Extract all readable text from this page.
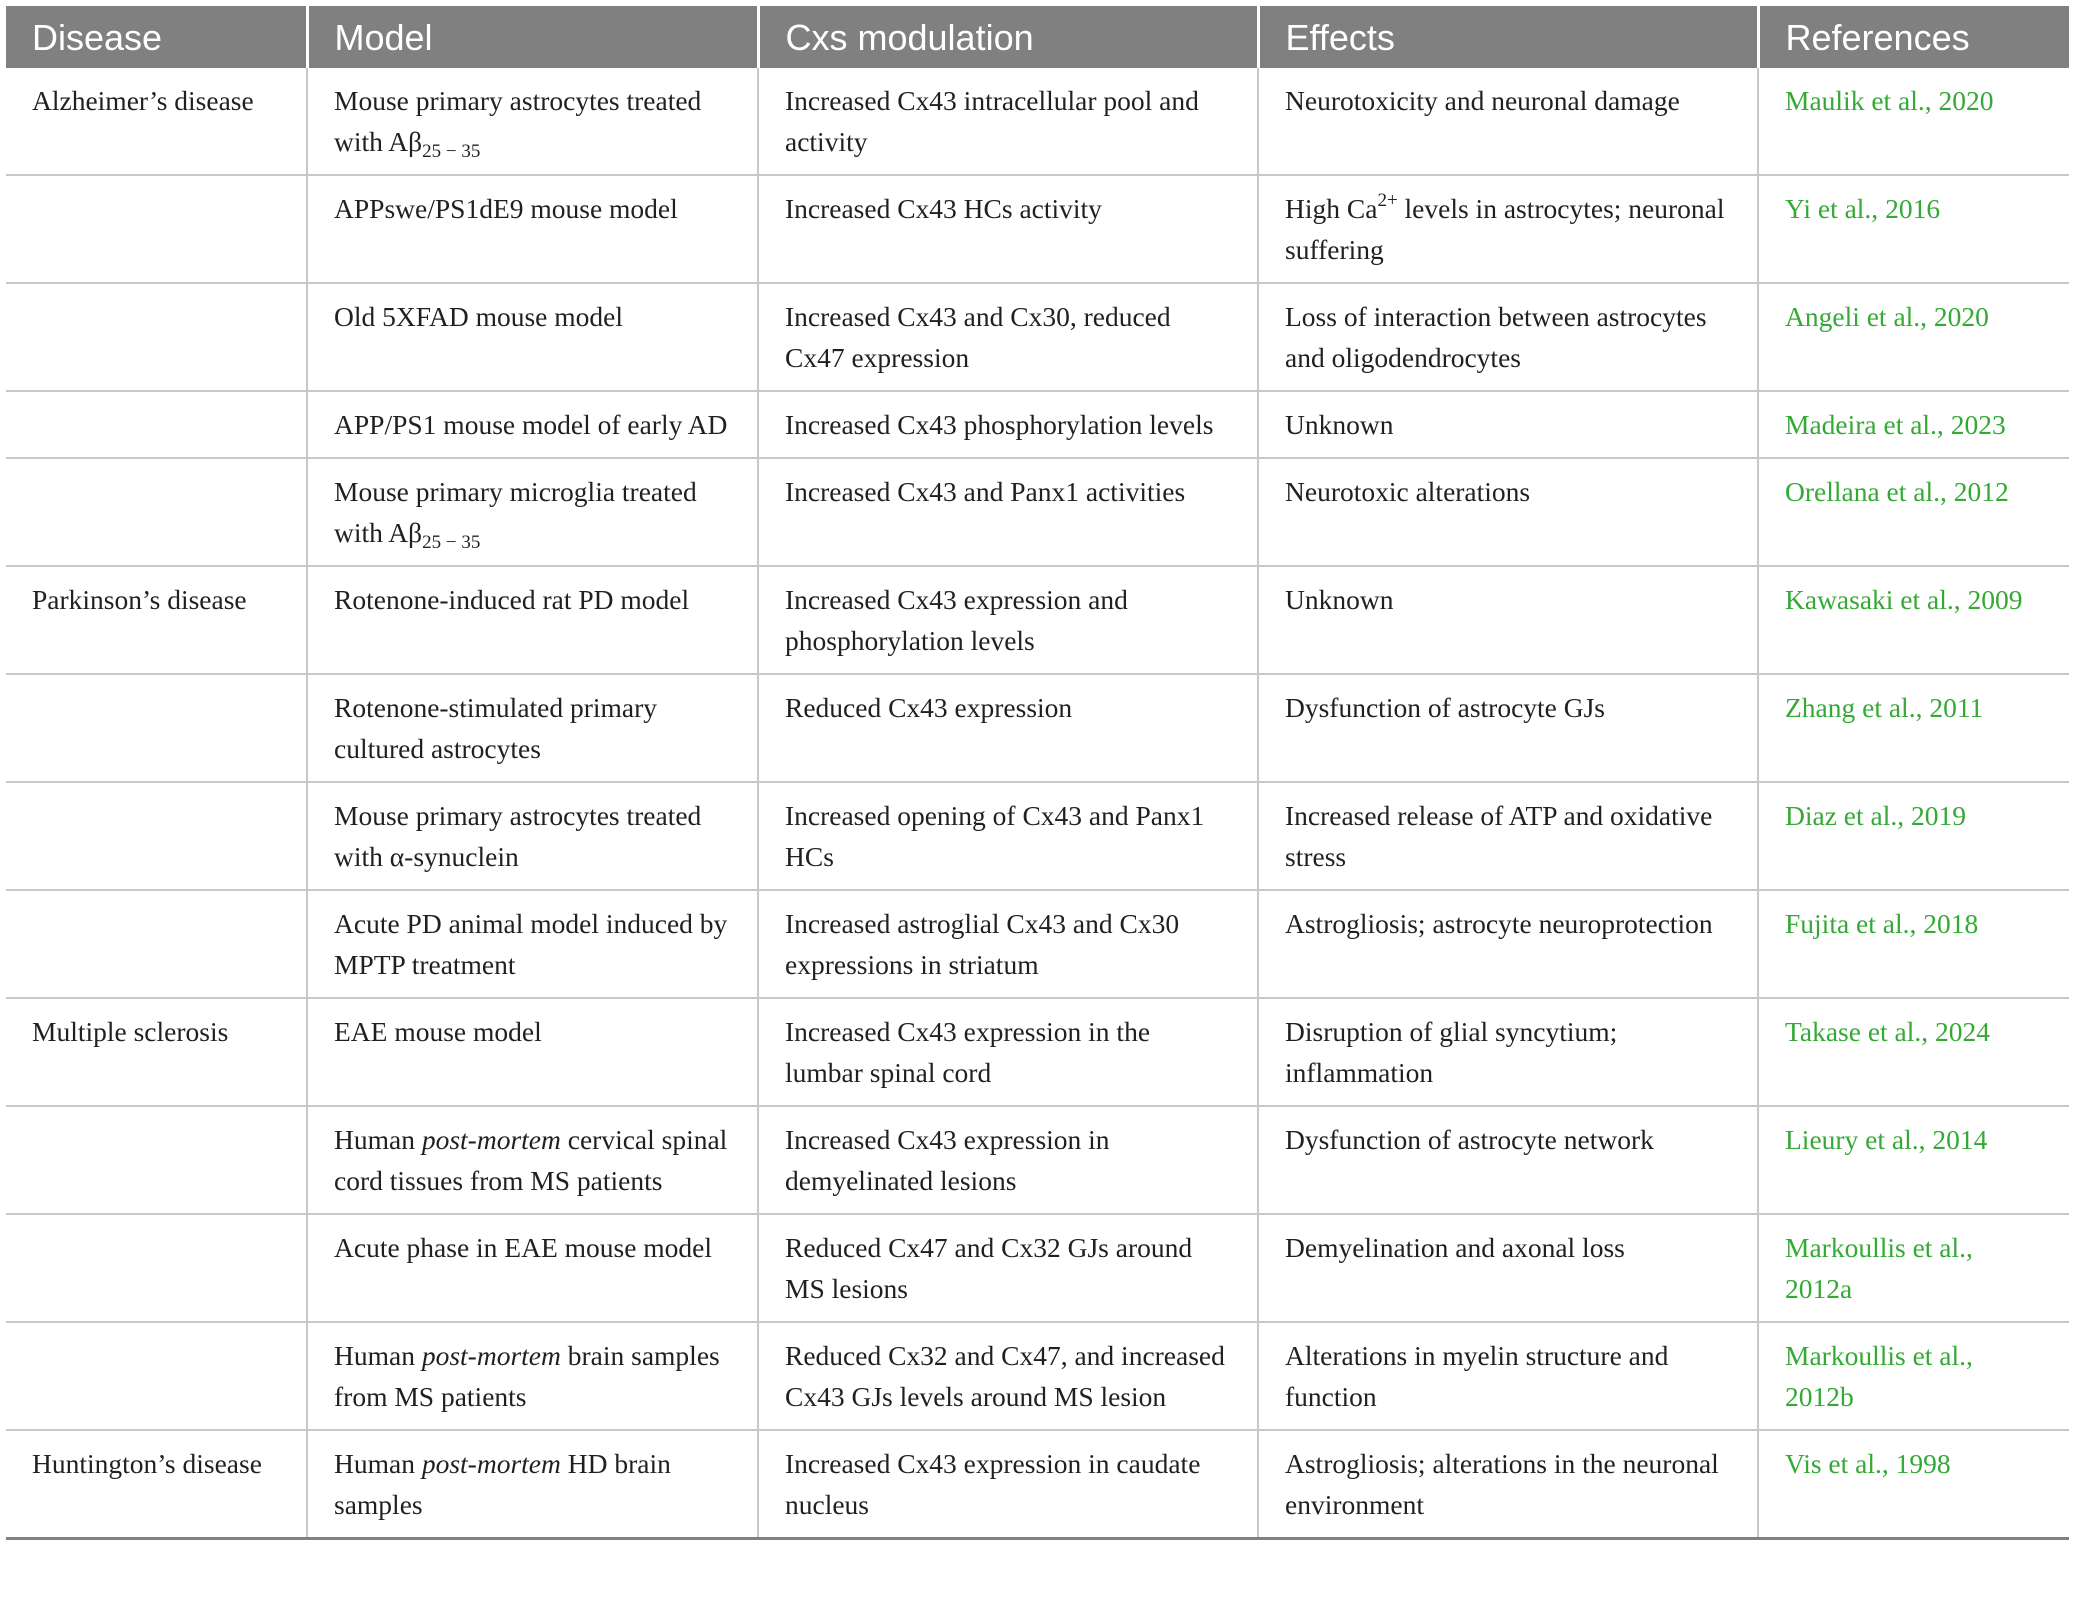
Disease	Model	Cxs modulation	Effects	References
Alzheimer’s disease	Mouse primary astrocytes treated with $A\beta_{25 - 35}$	Increased Cx43 intracellular pool and activity	Neurotoxicity and neuronal damage	Maulik et al., 2020
	APPswe/PS1dE9 mouse model	Increased Cx43 HCs activity	High $Ca^{2+}$ levels in astrocytes; neuronal suffering	Yi et al., 2016
	Old 5XFAD mouse model	Increased Cx43 and Cx30, reduced Cx47 expression	Loss of interaction between astrocytes and oligodendrocytes	Angeli et al., 2020
	APP/PS1 mouse model of early AD	Increased Cx43 phosphorylation levels	Unknown	Madeira et al., 2023
	Mouse primary microglia treated with $A\beta_{25 - 35}$	Increased Cx43 and Panx1 activities	Neurotoxic alterations	Orellana et al., 2012
Parkinson’s disease	Rotenone-induced rat PD model	Increased Cx43 expression and phosphorylation levels	Unknown	Kawasaki et al., 2009
	Rotenone-stimulated primary cultured astrocytes	Reduced Cx43 expression	Dysfunction of astrocyte GJs	Zhang et al., 2011
	Mouse primary astrocytes treated with α-synuclein	Increased opening of Cx43 and Panx1 HCs	Increased release of ATP and oxidative stress	Diaz et al., 2019
	Acute PD animal model induced by MPTP treatment	Increased astroglial Cx43 and Cx30 expressions in striatum	Astrogliosis; astrocyte neuroprotection	Fujita et al., 2018
Multiple sclerosis	EAE mouse model	Increased Cx43 expression in the lumbar spinal cord	Disruption of glial syncytium; inflammation	Takase et al., 2024
	Human post-mortem cervical spinal cord tissues from MS patients	Increased Cx43 expression in demyelinated lesions	Dysfunction of astrocyte network	Lieury et al., 2014
	Acute phase in EAE mouse model	Reduced Cx47 and Cx32 GJs around MS lesions	Demyelination and axonal loss	Markoullis et al., 2012a
	Human post-mortem brain samples from MS patients	Reduced Cx32 and Cx47, and increased Cx43 GJs levels around MS lesion	Alterations in myelin structure and function	Markoullis et al., 2012b
Huntington’s disease	Human post-mortem HD brain samples	Increased Cx43 expression in caudate nucleus	Astrogliosis; alterations in the neuronal environment	Vis et al., 1998
